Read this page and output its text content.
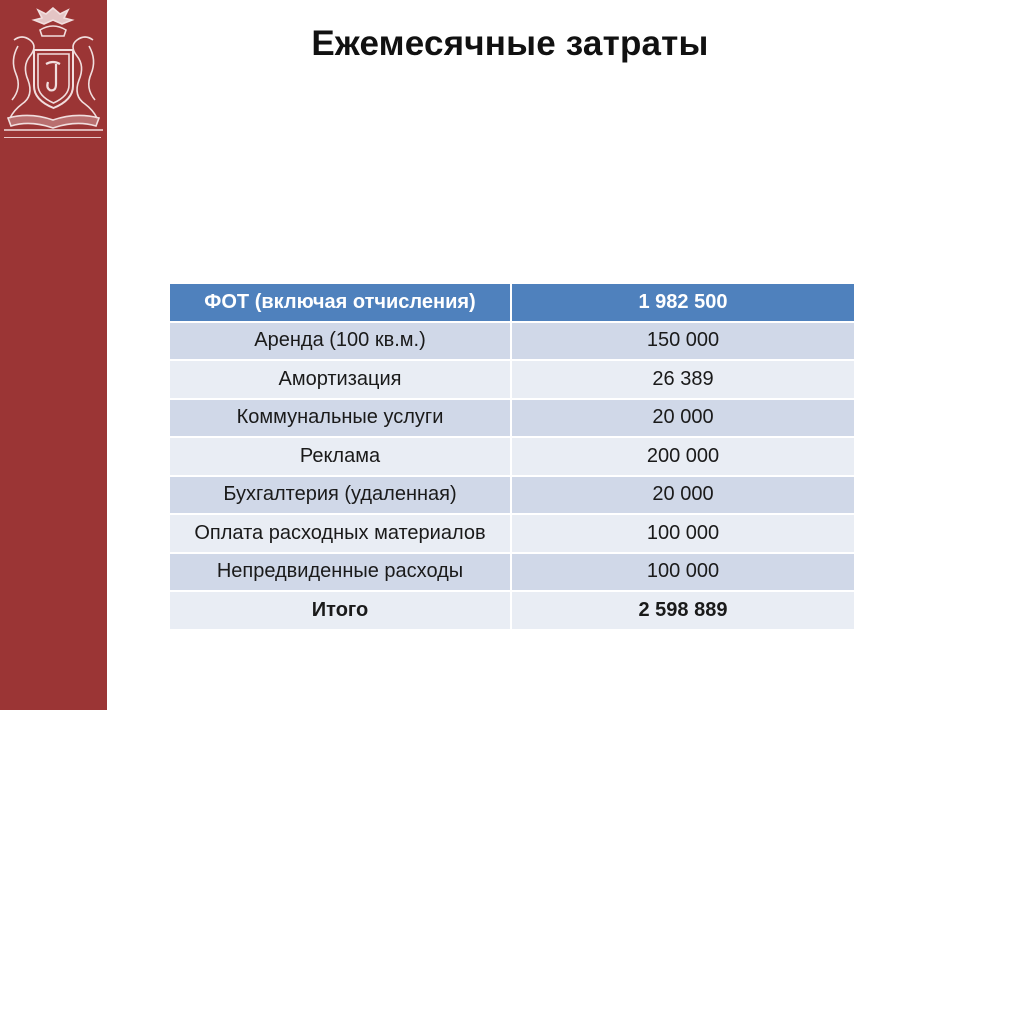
Ежемесячные затраты
ФОТ (включая отчисления)	1 982 500
Аренда (100 кв.м.)	150 000
Амортизация	26 389
Коммунальные услуги	20 000
Реклама	200 000
Бухгалтерия (удаленная)	20 000
Оплата расходных материалов	100 000
Непредвиденные расходы	100 000
Итого	2 598 889
